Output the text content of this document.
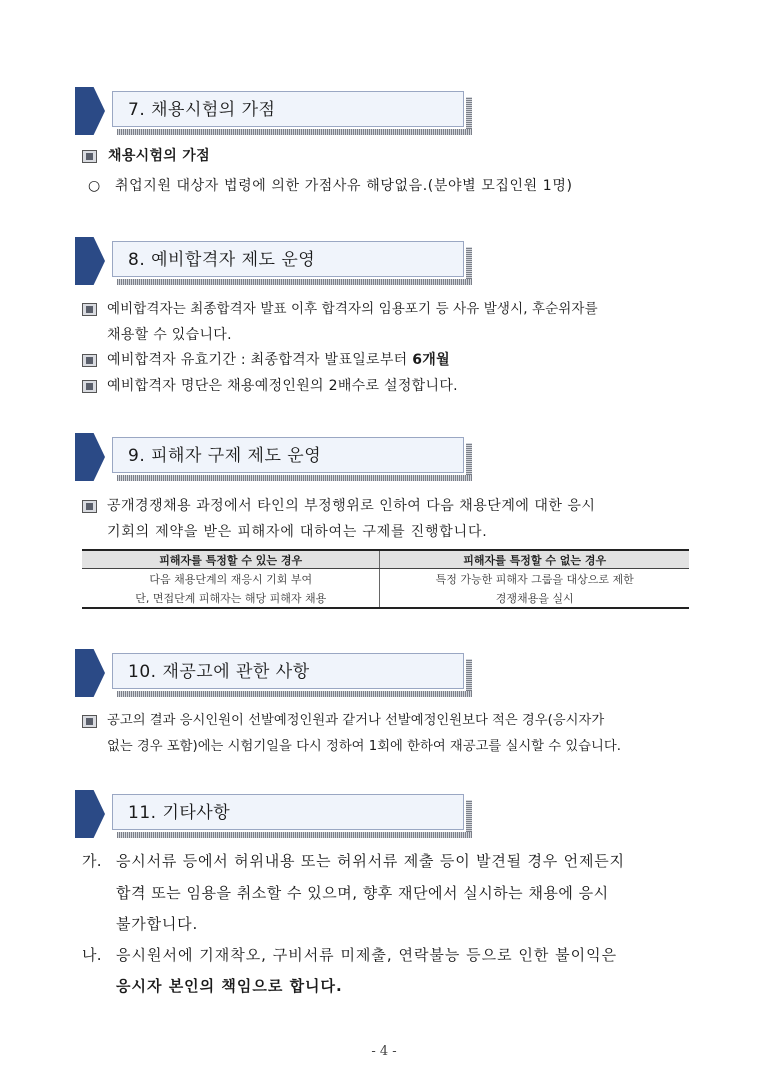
7. 채용시험의 가점
채용시험의 가점
○ 취업지원 대상자 법령에 의한 가점사유 해당없음.(분야별 모집인원 1명)
8. 예비합격자 제도 운영
예비합격자는 최종합격자 발표 이후 합격자의 임용포기 등 사유 발생시, 후순위자를
채용할 수 있습니다.
예비합격자 유효기간 : 최종합격자 발표일로부터 6개월
예비합격자 명단은 채용예정인원의 2배수로 설정합니다.
9. 피해자 구제 제도 운영
공개경쟁채용 과정에서 타인의 부정행위로 인하여 다음 채용단계에 대한 응시
기회의 제약을 받은 피해자에 대하여는 구제를 진행합니다.
피해자를 특정할 수 있는 경우	피해자를 특정할 수 없는 경우
다음 채용단계의 재응시 기회 부여	특정 가능한 피해자 그룹을 대상으로 제한
단, 면접단계 피해자는 해당 피해자 채용	경쟁채용을 실시
10. 재공고에 관한 사항
공고의 결과 응시인원이 선발예정인원과 같거나 선발예정인원보다 적은 경우(응시자가
없는 경우 포함)에는 시험기일을 다시 정하여 1회에 한하여 재공고를 실시할 수 있습니다.
11. 기타사항
가. 응시서류 등에서 허위내용 또는 허위서류 제출 등이 발견될 경우 언제든지
합격 또는 임용을 취소할 수 있으며, 향후 재단에서 실시하는 채용에 응시
불가합니다.
나. 응시원서에 기재착오, 구비서류 미제출, 연락불능 등으로 인한 불이익은
응시자 본인의 책임으로 합니다.
- 4 -
